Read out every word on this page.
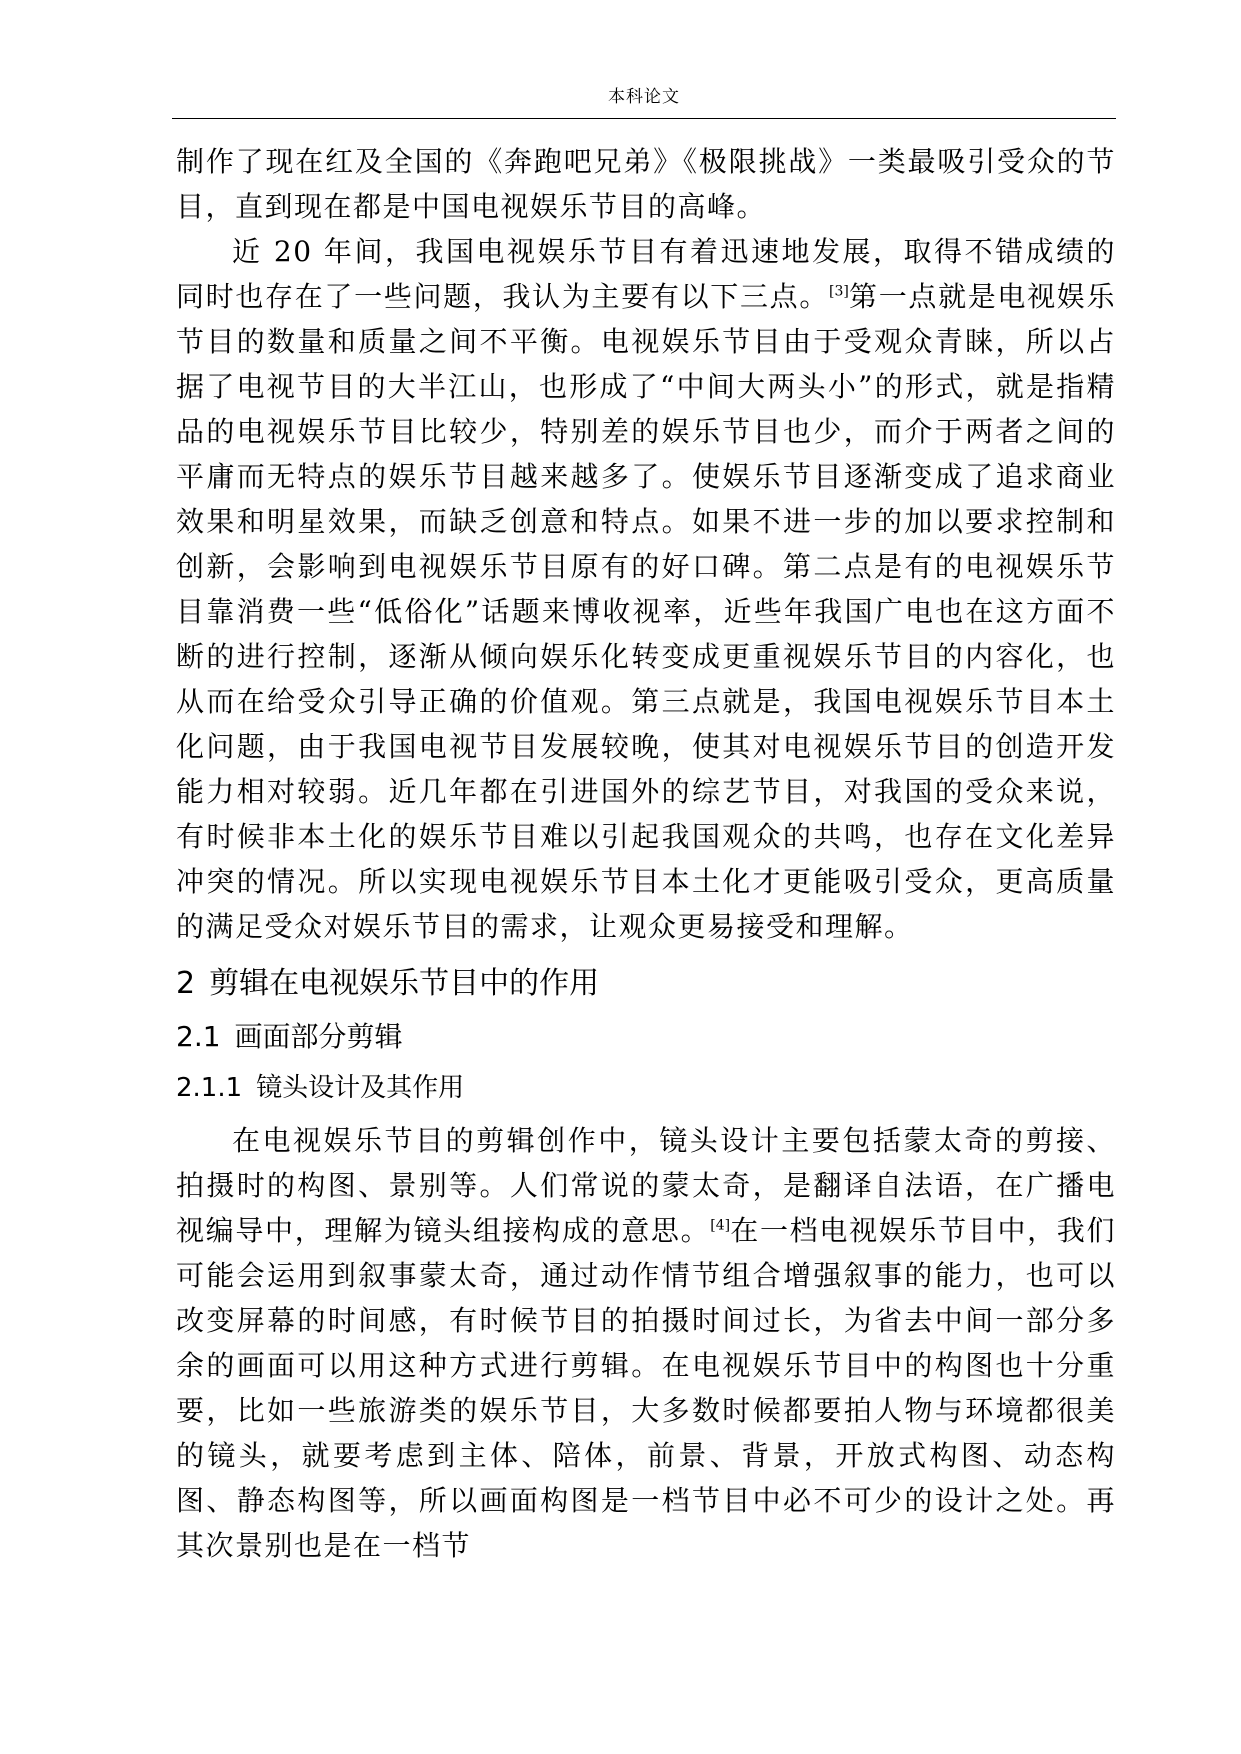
本科论文

制作了现在红及全国的《奔跑吧兄弟》《极限挑战》一类最吸引受众的节目，直到现在都是中国电视娱乐节目的高峰。

近 20 年间，我国电视娱乐节目有着迅速地发展，取得不错成绩的同时也存在了一些问题，我认为主要有以下三点。[3]第一点就是电视娱乐节目的数量和质量之间不平衡。电视娱乐节目由于受观众青睐，所以占据了电视节目的大半江山，也形成了“中间大两头小”的形式，就是指精品的电视娱乐节目比较少，特别差的娱乐节目也少，而介于两者之间的平庸而无特点的娱乐节目越来越多了。使娱乐节目逐渐变成了追求商业效果和明星效果，而缺乏创意和特点。如果不进一步的加以要求控制和创新，会影响到电视娱乐节目原有的好口碑。第二点是有的电视娱乐节目靠消费一些“低俗化”话题来博收视率，近些年我国广电也在这方面不断的进行控制，逐渐从倾向娱乐化转变成更重视娱乐节目的内容化，也从而在给受众引导正确的价值观。第三点就是，我国电视娱乐节目本土化问题，由于我国电视节目发展较晚，使其对电视娱乐节目的创造开发能力相对较弱。近几年都在引进国外的综艺节目，对我国的受众来说，有时候非本土化的娱乐节目难以引起我国观众的共鸣，也存在文化差异冲突的情况。所以实现电视娱乐节目本土化才更能吸引受众，更高质量的满足受众对娱乐节目的需求，让观众更易接受和理解。

2 剪辑在电视娱乐节目中的作用
2.1 画面部分剪辑
2.1.1 镜头设计及其作用

在电视娱乐节目的剪辑创作中，镜头设计主要包括蒙太奇的剪接、拍摄时的构图、景别等。人们常说的蒙太奇，是翻译自法语，在广播电视编导中，理解为镜头组接构成的意思。[4]在一档电视娱乐节目中，我们可能会运用到叙事蒙太奇，通过动作情节组合增强叙事的能力，也可以改变屏幕的时间感，有时候节目的拍摄时间过长，为省去中间一部分多余的画面可以用这种方式进行剪辑。在电视娱乐节目中的构图也十分重要，比如一些旅游类的娱乐节目，大多数时候都要拍人物与环境都很美的镜头，就要考虑到主体、陪体，前景、背景，开放式构图、动态构图、静态构图等，所以画面构图是一档节目中必不可少的设计之处。再其次景别也是在一档节
